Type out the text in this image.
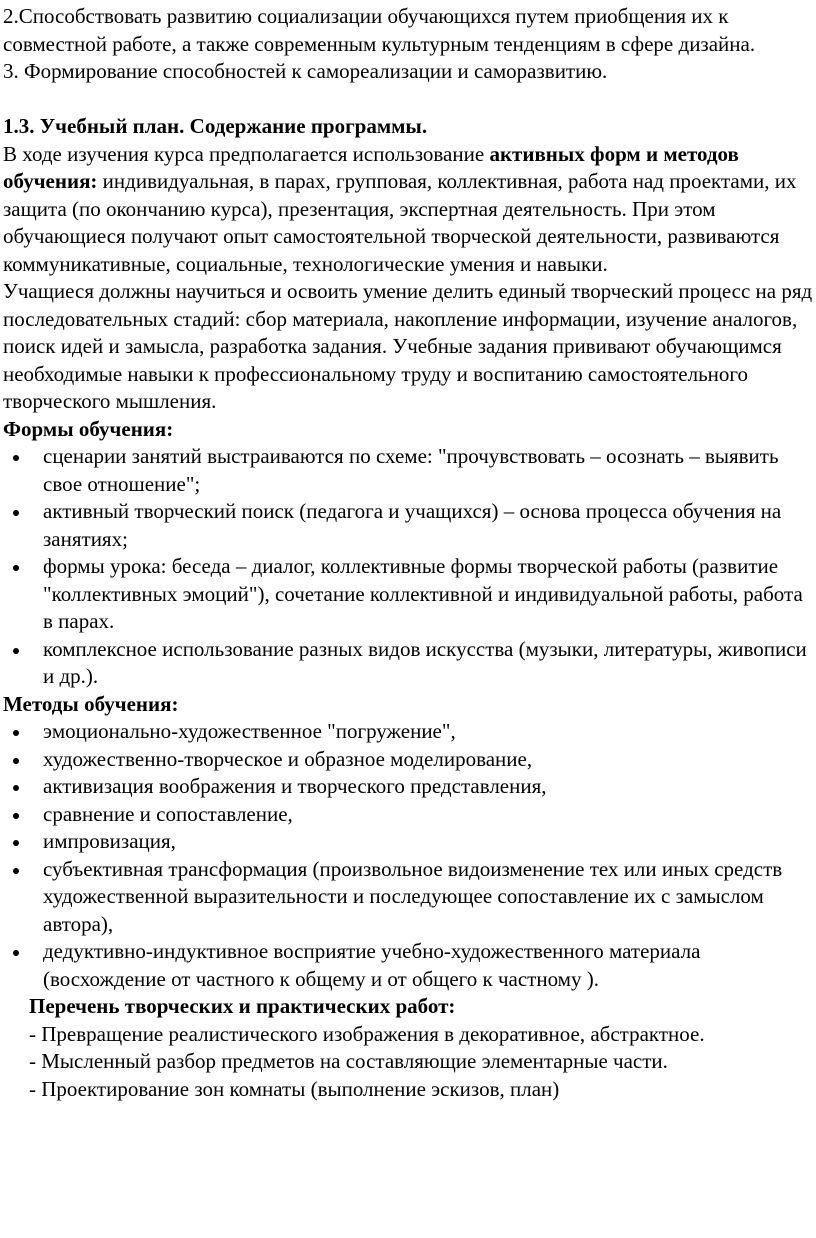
2.Способствовать развитию социализации обучающихся путем приобщения их к совместной работе, а также современным культурным тенденциям в сфере дизайна.

3. Формирование способностей к самореализации и саморазвитию.

1.3. Учебный план. Содержание программы.

В ходе изучения курса предполагается использование активных форм и методов обучения: индивидуальная, в парах, групповая, коллективная, работа над проектами, их защита (по окончанию курса), презентация, экспертная деятельность. При этом обучающиеся получают опыт самостоятельной творческой деятельности, развиваются коммуникативные, социальные, технологические умения и навыки.

Учащиеся должны научиться и освоить умение делить единый творческий процесс на ряд последовательных стадий: сбор материала, накопление информации, изучение аналогов, поиск идей и замысла, разработка задания. Учебные задания прививают обучающимся необходимые навыки к профессиональному труду и воспитанию самостоятельного творческого мышления.

Формы обучения:

сценарии занятий выстраиваются по схеме: "прочувствовать – осознать – выявить свое отношение";
активный творческий поиск (педагога и учащихся) – основа процесса обучения на занятиях;
формы урока: беседа – диалог, коллективные формы творческой работы (развитие "коллективных эмоций"), сочетание коллективной и индивидуальной работы, работа в парах.
комплексное использование разных видов искусства (музыки, литературы, живописи и др.).

Методы обучения:

эмоционально-художественное "погружение",
художественно-творческое и образное моделирование,
активизация воображения и творческого представления,
сравнение и сопоставление,
импровизация,
субъективная трансформация (произвольное видоизменение тех или иных средств художественной выразительности и последующее сопоставление их с замыслом автора),
дедуктивно-индуктивное восприятие учебно-художественного материала (восхождение от частного к общему и от общего к частному ).

Перечень творческих и практических работ:

- Превращение реалистического изображения в декоративное, абстрактное.

- Мысленный разбор предметов на составляющие элементарные части.

- Проектирование зон комнаты (выполнение эскизов, план)
